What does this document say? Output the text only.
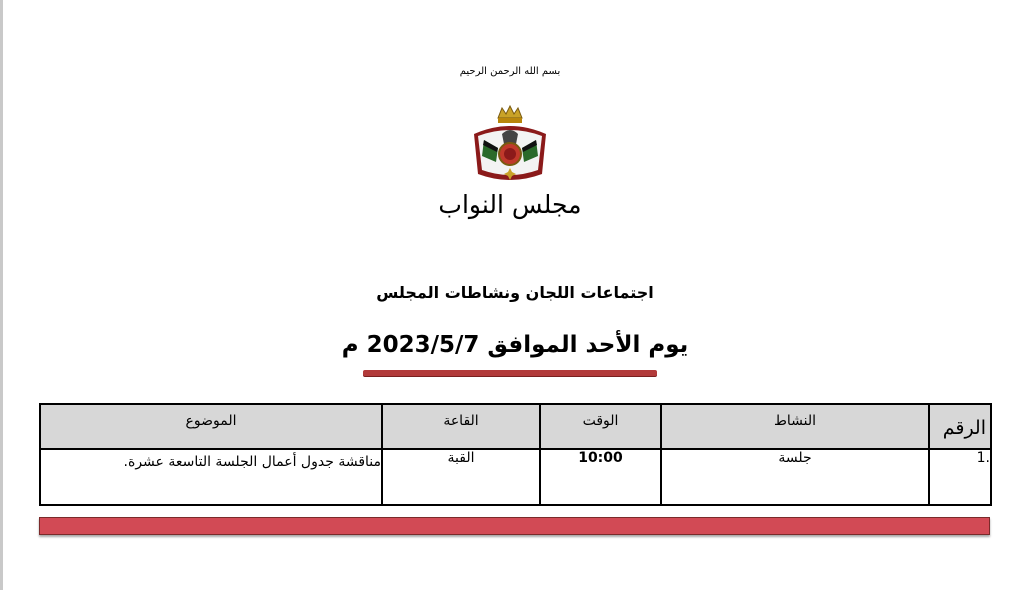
بسم الله الرحمن الرحيم
مجلس النواب
اجتماعات اللجان ونشاطات المجلس
يوم الأحد الموافق 2023/5/7 م
الرقم	النشاط	الوقت	القاعة	الموضوع
.1	جلسة	10:00	القبة	مناقشة جدول أعمال الجلسة التاسعة عشرة.
